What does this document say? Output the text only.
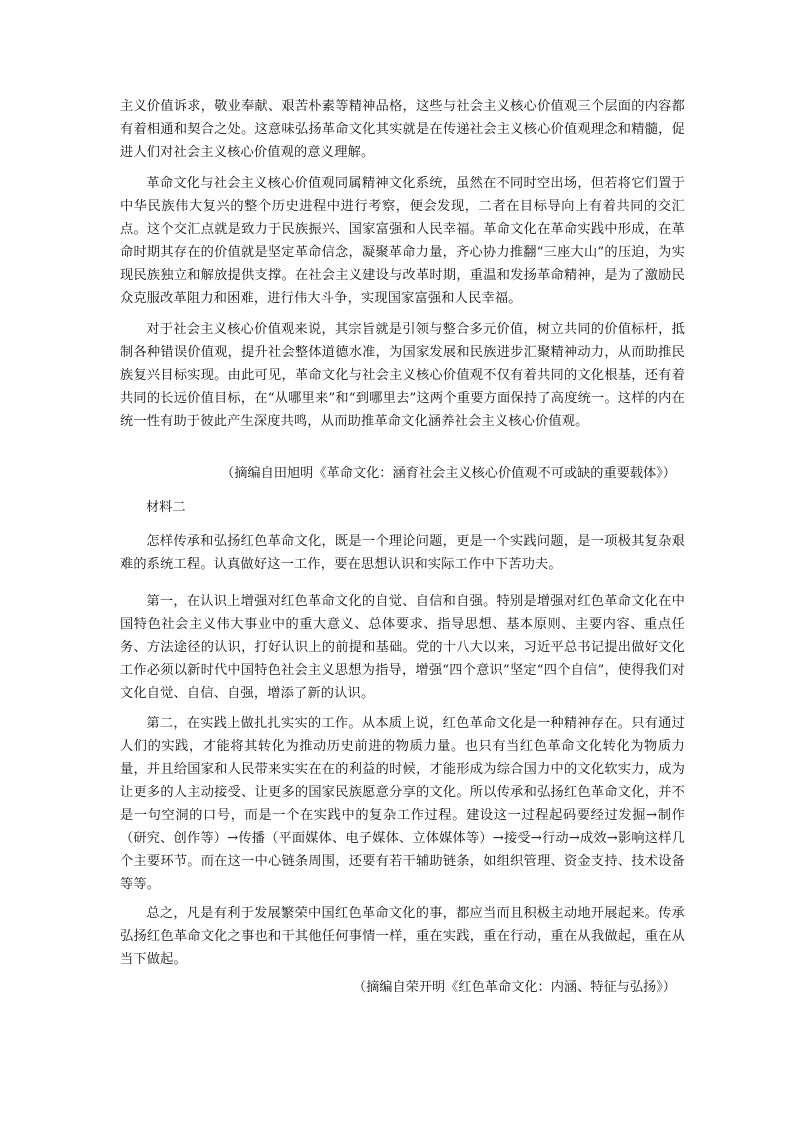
主义价值诉求，敬业奉献、艰苦朴素等精神品格，这些与社会主义核心价值观三个层面的内容都有着相通和契合之处。这意味弘扬革命文化其实就是在传递社会主义核心价值观理念和精髓，促进人们对社会主义核心价值观的意义理解。

革命文化与社会主义核心价值观同属精神文化系统，虽然在不同时空出场，但若将它们置于中华民族伟大复兴的整个历史进程中进行考察，便会发现，二者在目标导向上有着共同的交汇点。这个交汇点就是致力于民族振兴、国家富强和人民幸福。革命文化在革命实践中形成，在革命时期其存在的价值就是坚定革命信念，凝聚革命力量，齐心协力推翻“三座大山”的压迫，为实现民族独立和解放提供支撑。在社会主义建设与改革时期，重温和发扬革命精神，是为了激励民众克服改革阻力和困难，进行伟大斗争，实现国家富强和人民幸福。

对于社会主义核心价值观来说，其宗旨就是引领与整合多元价值，树立共同的价值标杆，抵制各种错误价值观，提升社会整体道德水准，为国家发展和民族进步汇聚精神动力，从而助推民族复兴目标实现。由此可见，革命文化与社会主义核心价值观不仅有着共同的文化根基，还有着共同的长远价值目标，在“从哪里来”和“到哪里去”这两个重要方面保持了高度统一。这样的内在统一性有助于彼此产生深度共鸣，从而助推革命文化涵养社会主义核心价值观。

（摘编自田旭明《革命文化：涵育社会主义核心价值观不可或缺的重要载体》）
材料二

怎样传承和弘扬红色革命文化，既是一个理论问题，更是一个实践问题，是一项极其复杂艰难的系统工程。认真做好这一工作，要在思想认识和实际工作中下苦功夫。

第一，在认识上增强对红色革命文化的自觉、自信和自强。特别是增强对红色革命文化在中国特色社会主义伟大事业中的重大意义、总体要求、指导思想、基本原则、主要内容、重点任务、方法途径的认识，打好认识上的前提和基础。党的十八大以来，习近平总书记提出做好文化工作必须以新时代中国特色社会主义思想为指导，增强“四个意识”坚定“四个自信”，使得我们对文化自觉、自信、自强，增添了新的认识。

第二，在实践上做扎扎实实的工作。从本质上说，红色革命文化是一种精神存在。只有通过人们的实践，才能将其转化为推动历史前进的物质力量。也只有当红色革命文化转化为物质力量，并且给国家和人民带来实实在在的利益的时候，才能形成为综合国力中的文化软实力，成为让更多的人主动接受、让更多的国家民族愿意分享的文化。所以传承和弘扬红色革命文化，并不是一句空洞的口号，而是一个在实践中的复杂工作过程。建设这一过程起码要经过发掘→制作（研究、创作等）→传播（平面媒体、电子媒体、立体媒体等）→接受→行动→成效→影响这样几个主要环节。而在这一中心链条周围，还要有若干辅助链条，如组织管理、资金支持、技术设备等等。

总之，凡是有利于发展繁荣中国红色革命文化的事，都应当而且积极主动地开展起来。传承弘扬红色革命文化之事也和干其他任何事情一样，重在实践，重在行动，重在从我做起，重在从当下做起。

（摘编自荣开明《红色革命文化：内涵、特征与弘扬》）
